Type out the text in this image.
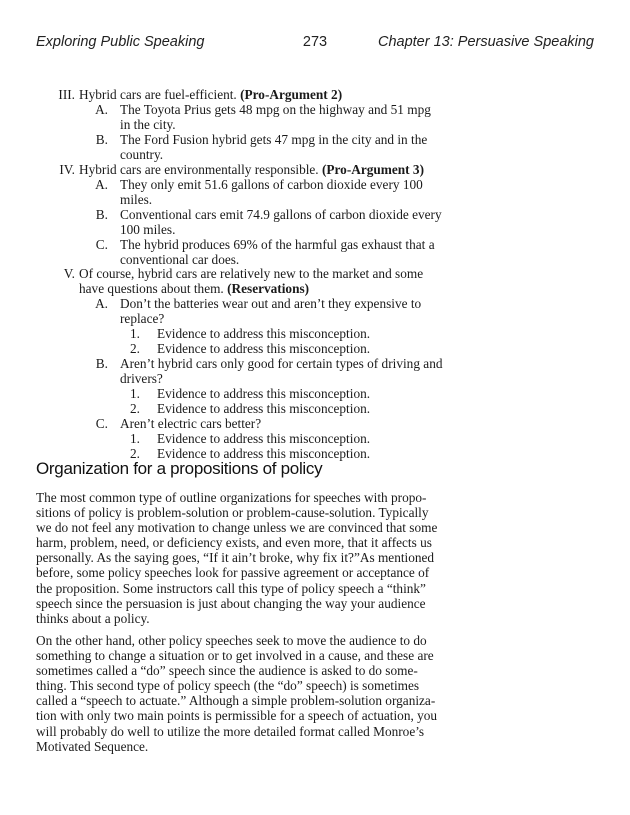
Exploring Public Speaking	273	Chapter 13: Persuasive Speaking
III. Hybrid cars are fuel-efficient. (Pro-Argument 2)
A. The Toyota Prius gets 48 mpg on the highway and 51 mpg
in the city.
B. The Ford Fusion hybrid gets 47 mpg in the city and in the
country.
IV. Hybrid cars are environmentally responsible. (Pro-Argument 3)
A. They only emit 51.6 gallons of carbon dioxide every 100
miles.
B. Conventional cars emit 74.9 gallons of carbon dioxide every
100 miles.
C. The hybrid produces 69% of the harmful gas exhaust that a
conventional car does.
V. Of course, hybrid cars are relatively new to the market and some
have questions about them. (Reservations)
A. Don’t the batteries wear out and aren’t they expensive to
replace?
1. Evidence to address this misconception.
2. Evidence to address this misconception.
B. Aren’t hybrid cars only good for certain types of driving and
drivers?
1. Evidence to address this misconception.
2. Evidence to address this misconception.
C. Aren’t electric cars better?
1. Evidence to address this misconception.
2. Evidence to address this misconception.
Organization for a propositions of policy
The most common type of outline organizations for speeches with propo-
sitions of policy is problem-solution or problem-cause-solution. Typically
we do not feel any motivation to change unless we are convinced that some
harm, problem, need, or deficiency exists, and even more, that it affects us
personally. As the saying goes, “If it ain’t broke, why fix it?”As mentioned
before, some policy speeches look for passive agreement or acceptance of
the proposition. Some instructors call this type of policy speech a “think”
speech since the persuasion is just about changing the way your audience
thinks about a policy.
On the other hand, other policy speeches seek to move the audience to do
something to change a situation or to get involved in a cause, and these are
sometimes called a “do” speech since the audience is asked to do some-
thing. This second type of policy speech (the “do” speech) is sometimes
called a “speech to actuate.” Although a simple problem-solution organiza-
tion with only two main points is permissible for a speech of actuation, you
will probably do well to utilize the more detailed format called Monroe’s
Motivated Sequence.
